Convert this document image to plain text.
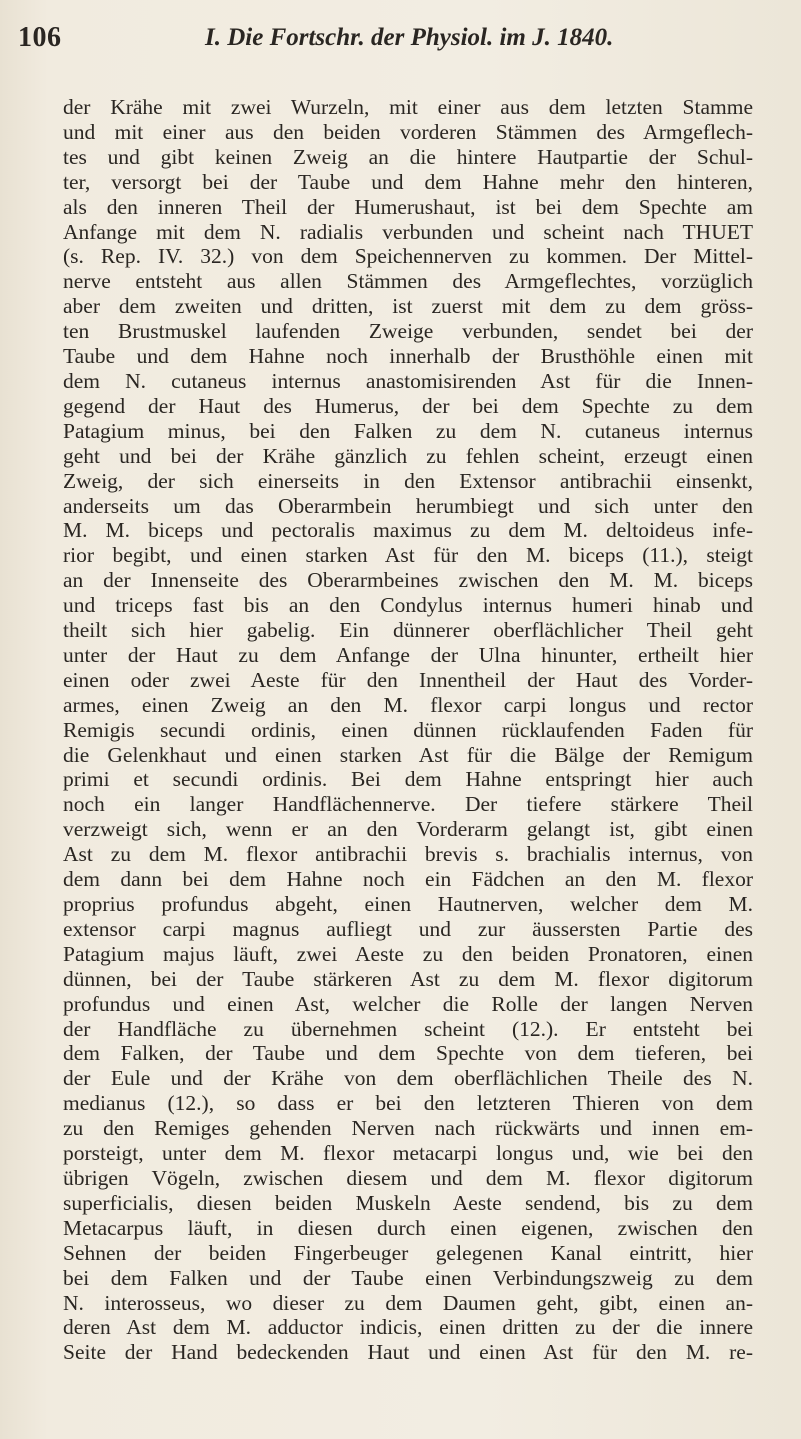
106	I. Die Fortschr. der Physiol. im J. 1840.
der Krähe mit zwei Wurzeln, mit einer aus dem letzten Stamme
und mit einer aus den beiden vorderen Stämmen des Armgeflech-
tes und gibt keinen Zweig an die hintere Hautpartie der Schul-
ter, versorgt bei der Taube und dem Hahne mehr den hinteren,
als den inneren Theil der Humerushaut, ist bei dem Spechte am
Anfange mit dem N. radialis verbunden und scheint nach THUET
(s. Rep. IV. 32.) von dem Speichennerven zu kommen. Der Mittel-
nerve entsteht aus allen Stämmen des Armgeflechtes, vorzüglich
aber dem zweiten und dritten, ist zuerst mit dem zu dem gröss-
ten Brustmuskel laufenden Zweige verbunden, sendet bei der
Taube und dem Hahne noch innerhalb der Brusthöhle einen mit
dem N. cutaneus internus anastomisirenden Ast für die Innen-
gegend der Haut des Humerus, der bei dem Spechte zu dem
Patagium minus, bei den Falken zu dem N. cutaneus internus
geht und bei der Krähe gänzlich zu fehlen scheint, erzeugt einen
Zweig, der sich einerseits in den Extensor antibrachii einsenkt,
anderseits um das Oberarmbein herumbiegt und sich unter den
M. M. biceps und pectoralis maximus zu dem M. deltoideus infe-
rior begibt, und einen starken Ast für den M. biceps (11.), steigt
an der Innenseite des Oberarmbeines zwischen den M. M. biceps
und triceps fast bis an den Condylus internus humeri hinab und
theilt sich hier gabelig. Ein dünnerer oberflächlicher Theil geht
unter der Haut zu dem Anfange der Ulna hinunter, ertheilt hier
einen oder zwei Aeste für den Innentheil der Haut des Vorder-
armes, einen Zweig an den M. flexor carpi longus und rector
Remigis secundi ordinis, einen dünnen rücklaufenden Faden für
die Gelenkhaut und einen starken Ast für die Bälge der Remigum
primi et secundi ordinis. Bei dem Hahne entspringt hier auch
noch ein langer Handflächennerve. Der tiefere stärkere Theil
verzweigt sich, wenn er an den Vorderarm gelangt ist, gibt einen
Ast zu dem M. flexor antibrachii brevis s. brachialis internus, von
dem dann bei dem Hahne noch ein Fädchen an den M. flexor
proprius profundus abgeht, einen Hautnerven, welcher dem M.
extensor carpi magnus aufliegt und zur äussersten Partie des
Patagium majus läuft, zwei Aeste zu den beiden Pronatoren, einen
dünnen, bei der Taube stärkeren Ast zu dem M. flexor digitorum
profundus und einen Ast, welcher die Rolle der langen Nerven
der Handfläche zu übernehmen scheint (12.). Er entsteht bei
dem Falken, der Taube und dem Spechte von dem tieferen, bei
der Eule und der Krähe von dem oberflächlichen Theile des N.
medianus (12.), so dass er bei den letzteren Thieren von dem
zu den Remiges gehenden Nerven nach rückwärts und innen em-
porsteigt, unter dem M. flexor metacarpi longus und, wie bei den
übrigen Vögeln, zwischen diesem und dem M. flexor digitorum
superficialis, diesen beiden Muskeln Aeste sendend, bis zu dem
Metacarpus läuft, in diesen durch einen eigenen, zwischen den
Sehnen der beiden Fingerbeuger gelegenen Kanal eintritt, hier
bei dem Falken und der Taube einen Verbindungszweig zu dem
N. interosseus, wo dieser zu dem Daumen geht, gibt, einen an-
deren Ast dem M. adductor indicis, einen dritten zu der die innere
Seite der Hand bedeckenden Haut und einen Ast für den M. re-
